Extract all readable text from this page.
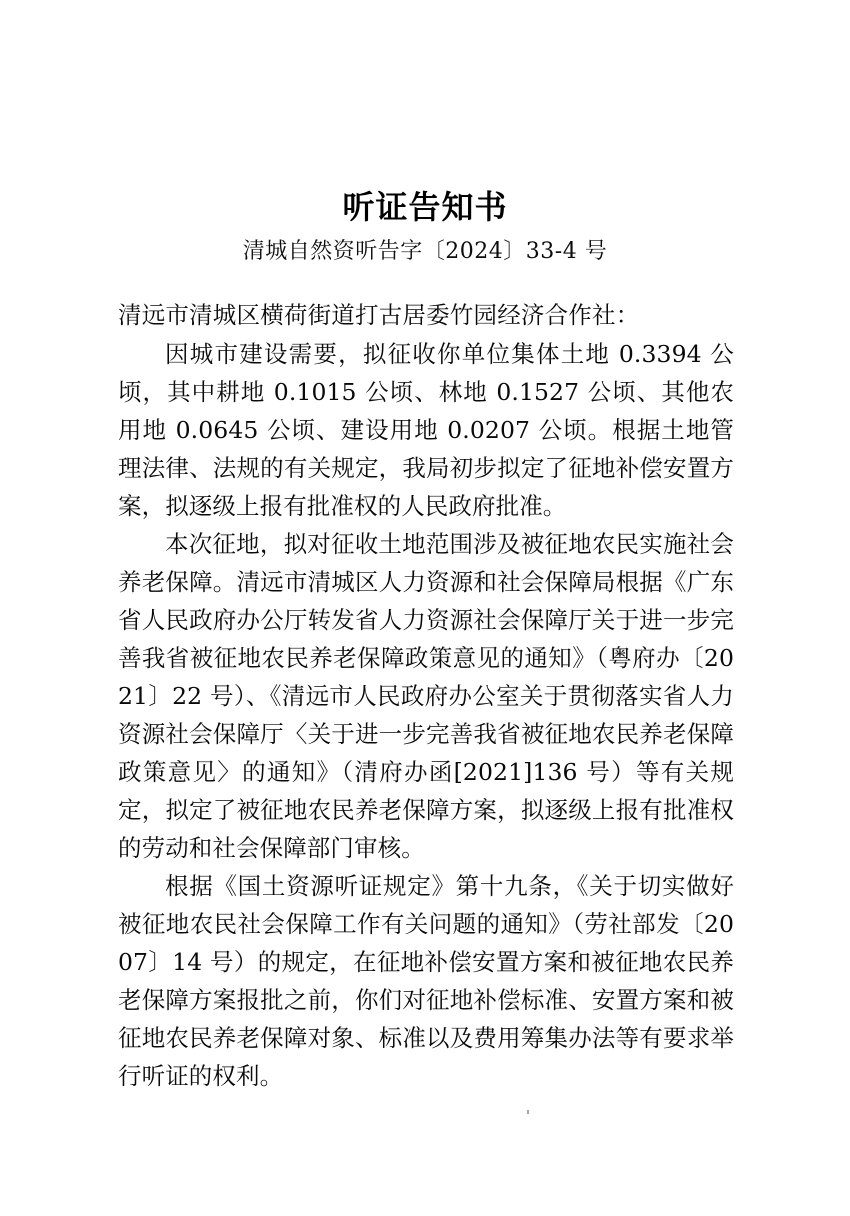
听证告知书
清城自然资听告字〔2024〕33-4 号

清远市清城区横荷街道打古居委竹园经济合作社：

因城市建设需要，拟征收你单位集体土地 0.3394 公顷，其中耕地 0.1015 公顷、林地 0.1527 公顷、其他农用地 0.0645 公顷、建设用地 0.0207 公顷。根据土地管理法律、法规的有关规定，我局初步拟定了征地补偿安置方案，拟逐级上报有批准权的人民政府批准。

本次征地，拟对征收土地范围涉及被征地农民实施社会养老保障。清远市清城区人力资源和社会保障局根据《广东省人民政府办公厅转发省人力资源社会保障厅关于进一步完善我省被征地农民养老保障政策意见的通知》（粤府办〔2021〕22 号）、《清远市人民政府办公室关于贯彻落实省人力资源社会保障厅〈关于进一步完善我省被征地农民养老保障政策意见〉的通知》（清府办函[2021]136 号）等有关规定，拟定了被征地农民养老保障方案，拟逐级上报有批准权的劳动和社会保障部门审核。

根据《国土资源听证规定》第十九条，《关于切实做好被征地农民社会保障工作有关问题的通知》（劳社部发〔2007〕14 号）的规定，在征地补偿安置方案和被征地农民养老保障方案报批之前，你们对征地补偿标准、安置方案和被征地农民养老保障对象、标准以及费用筹集办法等有要求举行听证的权利。
